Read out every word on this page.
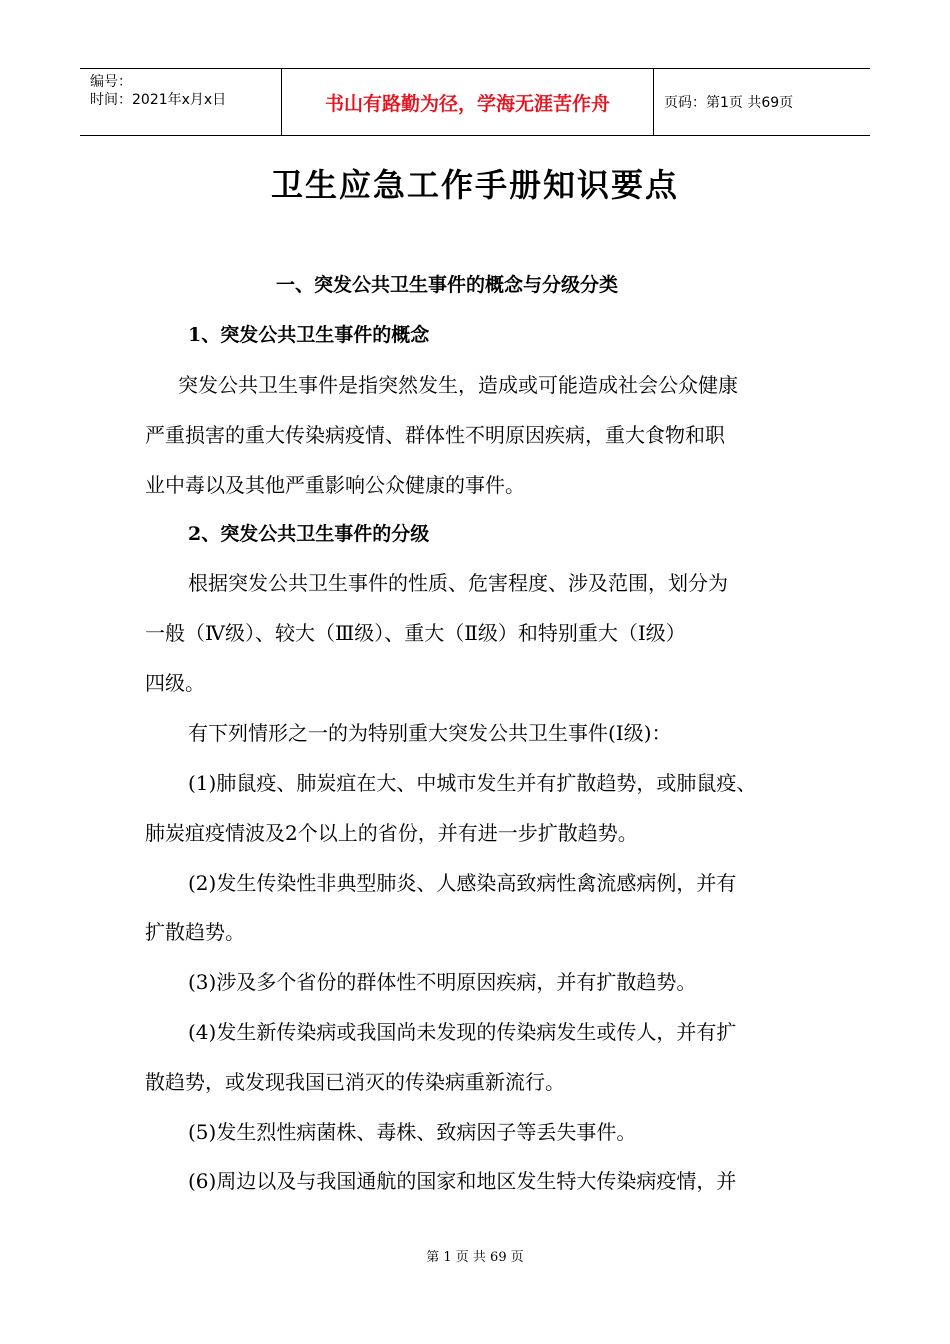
编号：
时间：2021年x月x日	书山有路勤为径，学海无涯苦作舟	页码：第1页 共69页
卫生应急工作手册知识要点
一、突发公共卫生事件的概念与分级分类
1、突发公共卫生事件的概念
突发公共卫生事件是指突然发生，造成或可能造成社会公众健康
严重损害的重大传染病疫情、群体性不明原因疾病，重大食物和职
业中毒以及其他严重影响公众健康的事件。
2、突发公共卫生事件的分级
根据突发公共卫生事件的性质、危害程度、涉及范围，划分为
一般（Ⅳ级）、较大（Ⅲ级）、重大（Ⅱ级）和特别重大（Ⅰ级）
四级。
有下列情形之一的为特别重大突发公共卫生事件(Ⅰ级)：
(1)肺鼠疫、肺炭疽在大、中城市发生并有扩散趋势，或肺鼠疫、
肺炭疽疫情波及2个以上的省份，并有进一步扩散趋势。
(2)发生传染性非典型肺炎、人感染高致病性禽流感病例，并有
扩散趋势。
(3)涉及多个省份的群体性不明原因疾病，并有扩散趋势。
(4)发生新传染病或我国尚未发现的传染病发生或传人，并有扩
散趋势，或发现我国已消灭的传染病重新流行。
(5)发生烈性病菌株、毒株、致病因子等丢失事件。
(6)周边以及与我国通航的国家和地区发生特大传染病疫情，并
第 1 页 共 69 页
